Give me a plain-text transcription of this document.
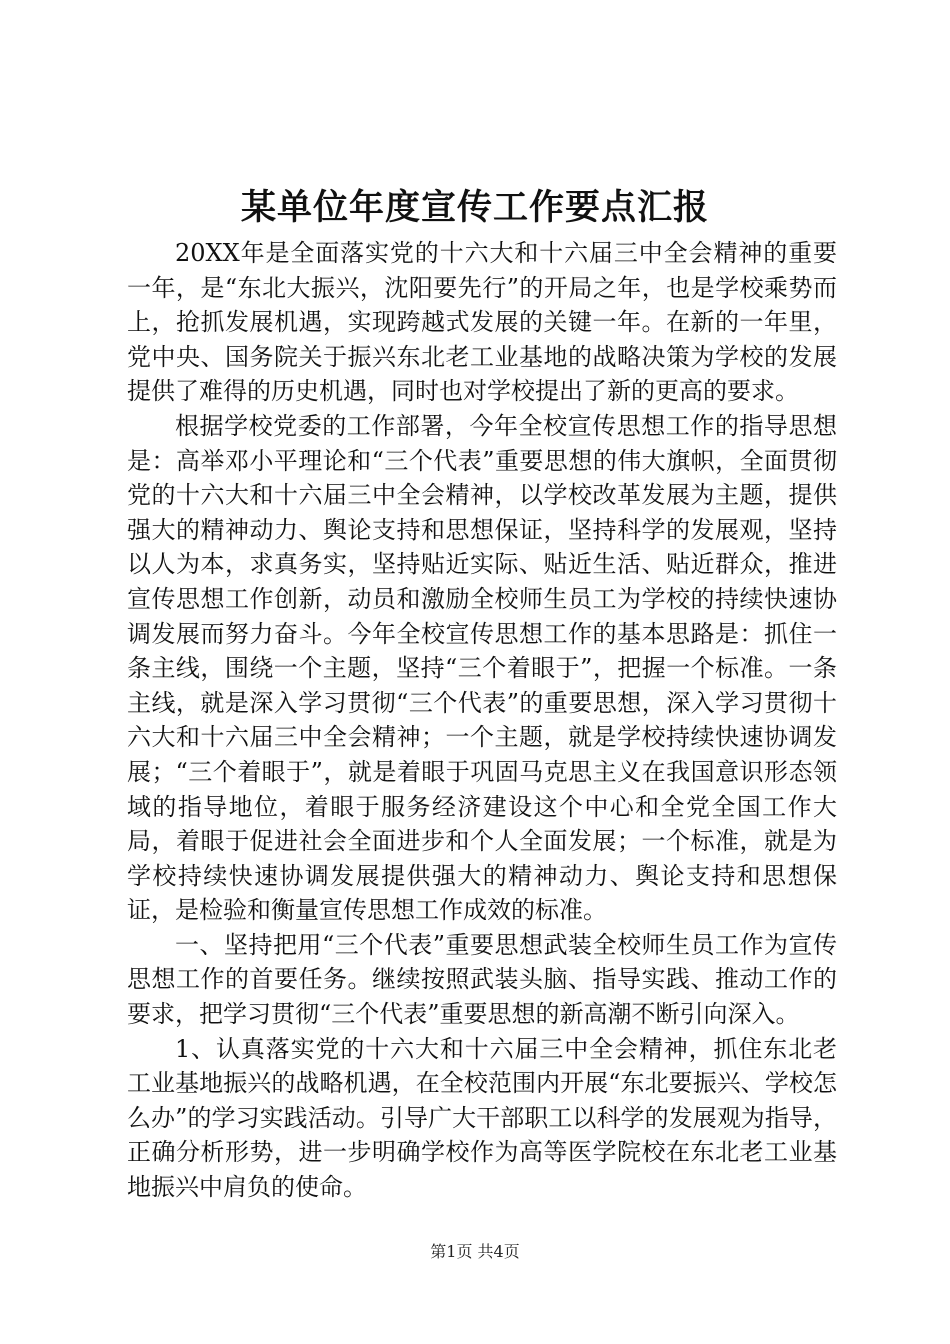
某单位年度宣传工作要点汇报

20XX年是全面落实党的十六大和十六届三中全会精神的重要一年，是“东北大振兴，沈阳要先行”的开局之年，也是学校乘势而上，抢抓发展机遇，实现跨越式发展的关键一年。在新的一年里，党中央、国务院关于振兴东北老工业基地的战略决策为学校的发展提供了难得的历史机遇，同时也对学校提出了新的更高的要求。

根据学校党委的工作部署，今年全校宣传思想工作的指导思想是：高举邓小平理论和“三个代表”重要思想的伟大旗帜，全面贯彻党的十六大和十六届三中全会精神，以学校改革发展为主题，提供强大的精神动力、舆论支持和思想保证，坚持科学的发展观，坚持以人为本，求真务实，坚持贴近实际、贴近生活、贴近群众，推进宣传思想工作创新，动员和激励全校师生员工为学校的持续快速协调发展而努力奋斗。今年全校宣传思想工作的基本思路是：抓住一条主线，围绕一个主题，坚持“三个着眼于”，把握一个标准。一条主线，就是深入学习贯彻“三个代表”的重要思想，深入学习贯彻十六大和十六届三中全会精神；一个主题，就是学校持续快速协调发展；“三个着眼于”，就是着眼于巩固马克思主义在我国意识形态领域的指导地位，着眼于服务经济建设这个中心和全党全国工作大局，着眼于促进社会全面进步和个人全面发展；一个标准，就是为学校持续快速协调发展提供强大的精神动力、舆论支持和思想保证，是检验和衡量宣传思想工作成效的标准。

一、坚持把用“三个代表”重要思想武装全校师生员工作为宣传思想工作的首要任务。继续按照武装头脑、指导实践、推动工作的要求，把学习贯彻“三个代表”重要思想的新高潮不断引向深入。

1、认真落实党的十六大和十六届三中全会精神，抓住东北老工业基地振兴的战略机遇，在全校范围内开展“东北要振兴、学校怎么办”的学习实践活动。引导广大干部职工以科学的发展观为指导，正确分析形势，进一步明确学校作为高等医学院校在东北老工业基地振兴中肩负的使命。

第1页 共4页
